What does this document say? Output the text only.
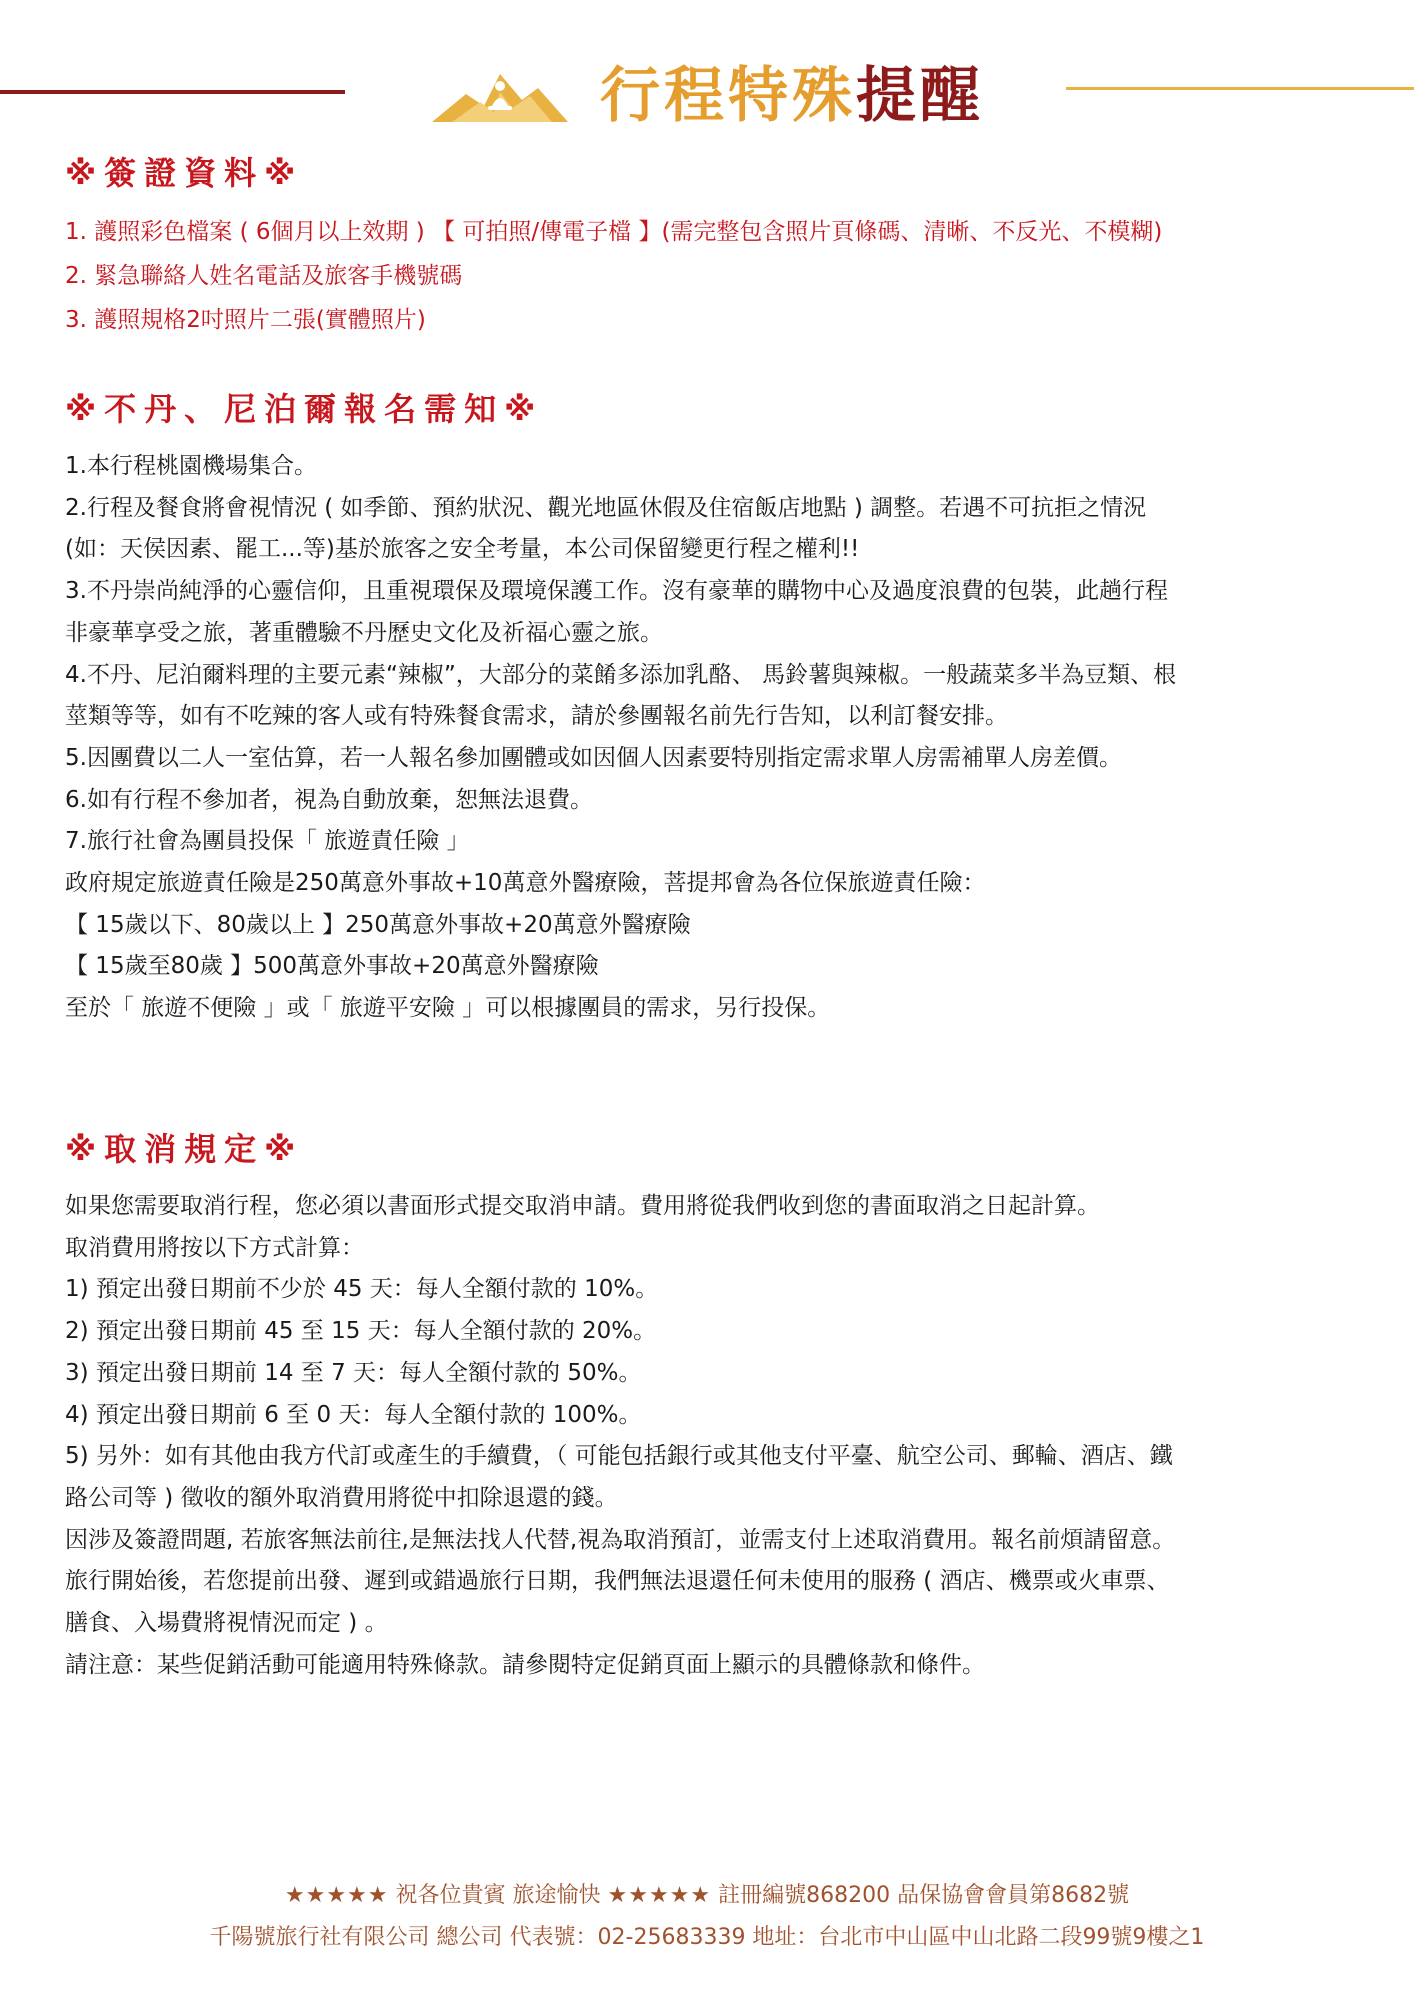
行程特殊提醒
※簽證資料※
1. 護照彩色檔案 ( 6個月以上效期 ) 【 可拍照/傳電子檔 】(需完整包含照片頁條碼、清晰、不反光、不模糊)
2. 緊急聯絡人姓名電話及旅客手機號碼
3. 護照規格2吋照片二張(實體照片)
※不丹、尼泊爾報名需知※
1.本行程桃園機場集合。
2.行程及餐食將會視情況 ( 如季節、預約狀況、觀光地區休假及住宿飯店地點 ) 調整。若遇不可抗拒之情況
(如：天侯因素、罷工...等)基於旅客之安全考量，本公司保留變更行程之權利!!
3.不丹崇尚純淨的心靈信仰，且重視環保及環境保護工作。沒有豪華的購物中心及過度浪費的包裝，此趟行程
非豪華享受之旅，著重體驗不丹歷史文化及祈福心靈之旅。
4.不丹、尼泊爾料理的主要元素“辣椒”，大部分的菜餚多添加乳酪、 馬鈴薯與辣椒。一般蔬菜多半為豆類、根
莖類等等，如有不吃辣的客人或有特殊餐食需求，請於參團報名前先行告知，以利訂餐安排。
5.因團費以二人一室估算，若一人報名參加團體或如因個人因素要特別指定需求單人房需補單人房差價。
6.如有行程不參加者，視為自動放棄，恕無法退費。
7.旅行社會為團員投保「 旅遊責任險 」
政府規定旅遊責任險是250萬意外事故+10萬意外醫療險，菩提邦會為各位保旅遊責任險：
【 15歲以下、80歲以上 】250萬意外事故+20萬意外醫療險
【 15歲至80歲 】500萬意外事故+20萬意外醫療險
至於「 旅遊不便險 」或「 旅遊平安險 」可以根據團員的需求，另行投保。
※取消規定※
如果您需要取消行程，您必須以書面形式提交取消申請。費用將從我們收到您的書面取消之日起計算。
取消費用將按以下方式計算：
1) 預定出發日期前不少於 45 天：每人全額付款的 10%。
2) 預定出發日期前 45 至 15 天：每人全額付款的 20%。
3) 預定出發日期前 14 至 7 天：每人全額付款的 50%。
4) 預定出發日期前 6 至 0 天：每人全額付款的 100%。
5) 另外：如有其他由我方代訂或產生的手續費，（ 可能包括銀行或其他支付平臺、航空公司、郵輪、酒店、鐵
路公司等 ) 徵收的額外取消費用將從中扣除退還的錢。
因涉及簽證問題, 若旅客無法前往,是無法找人代替,視為取消預訂，並需支付上述取消費用。報名前煩請留意。
旅行開始後，若您提前出發、遲到或錯過旅行日期，我們無法退還任何未使用的服務 ( 酒店、機票或火車票、
膳食、入場費將視情況而定 ) 。
請注意：某些促銷活動可能適用特殊條款。請參閱特定促銷頁面上顯示的具體條款和條件。
★★★★★ 祝各位貴賓 旅途愉快 ★★★★★ 註冊編號868200 品保協會會員第8682號
千陽號旅行社有限公司 總公司 代表號：02-25683339 地址：台北市中山區中山北路二段99號9樓之1
